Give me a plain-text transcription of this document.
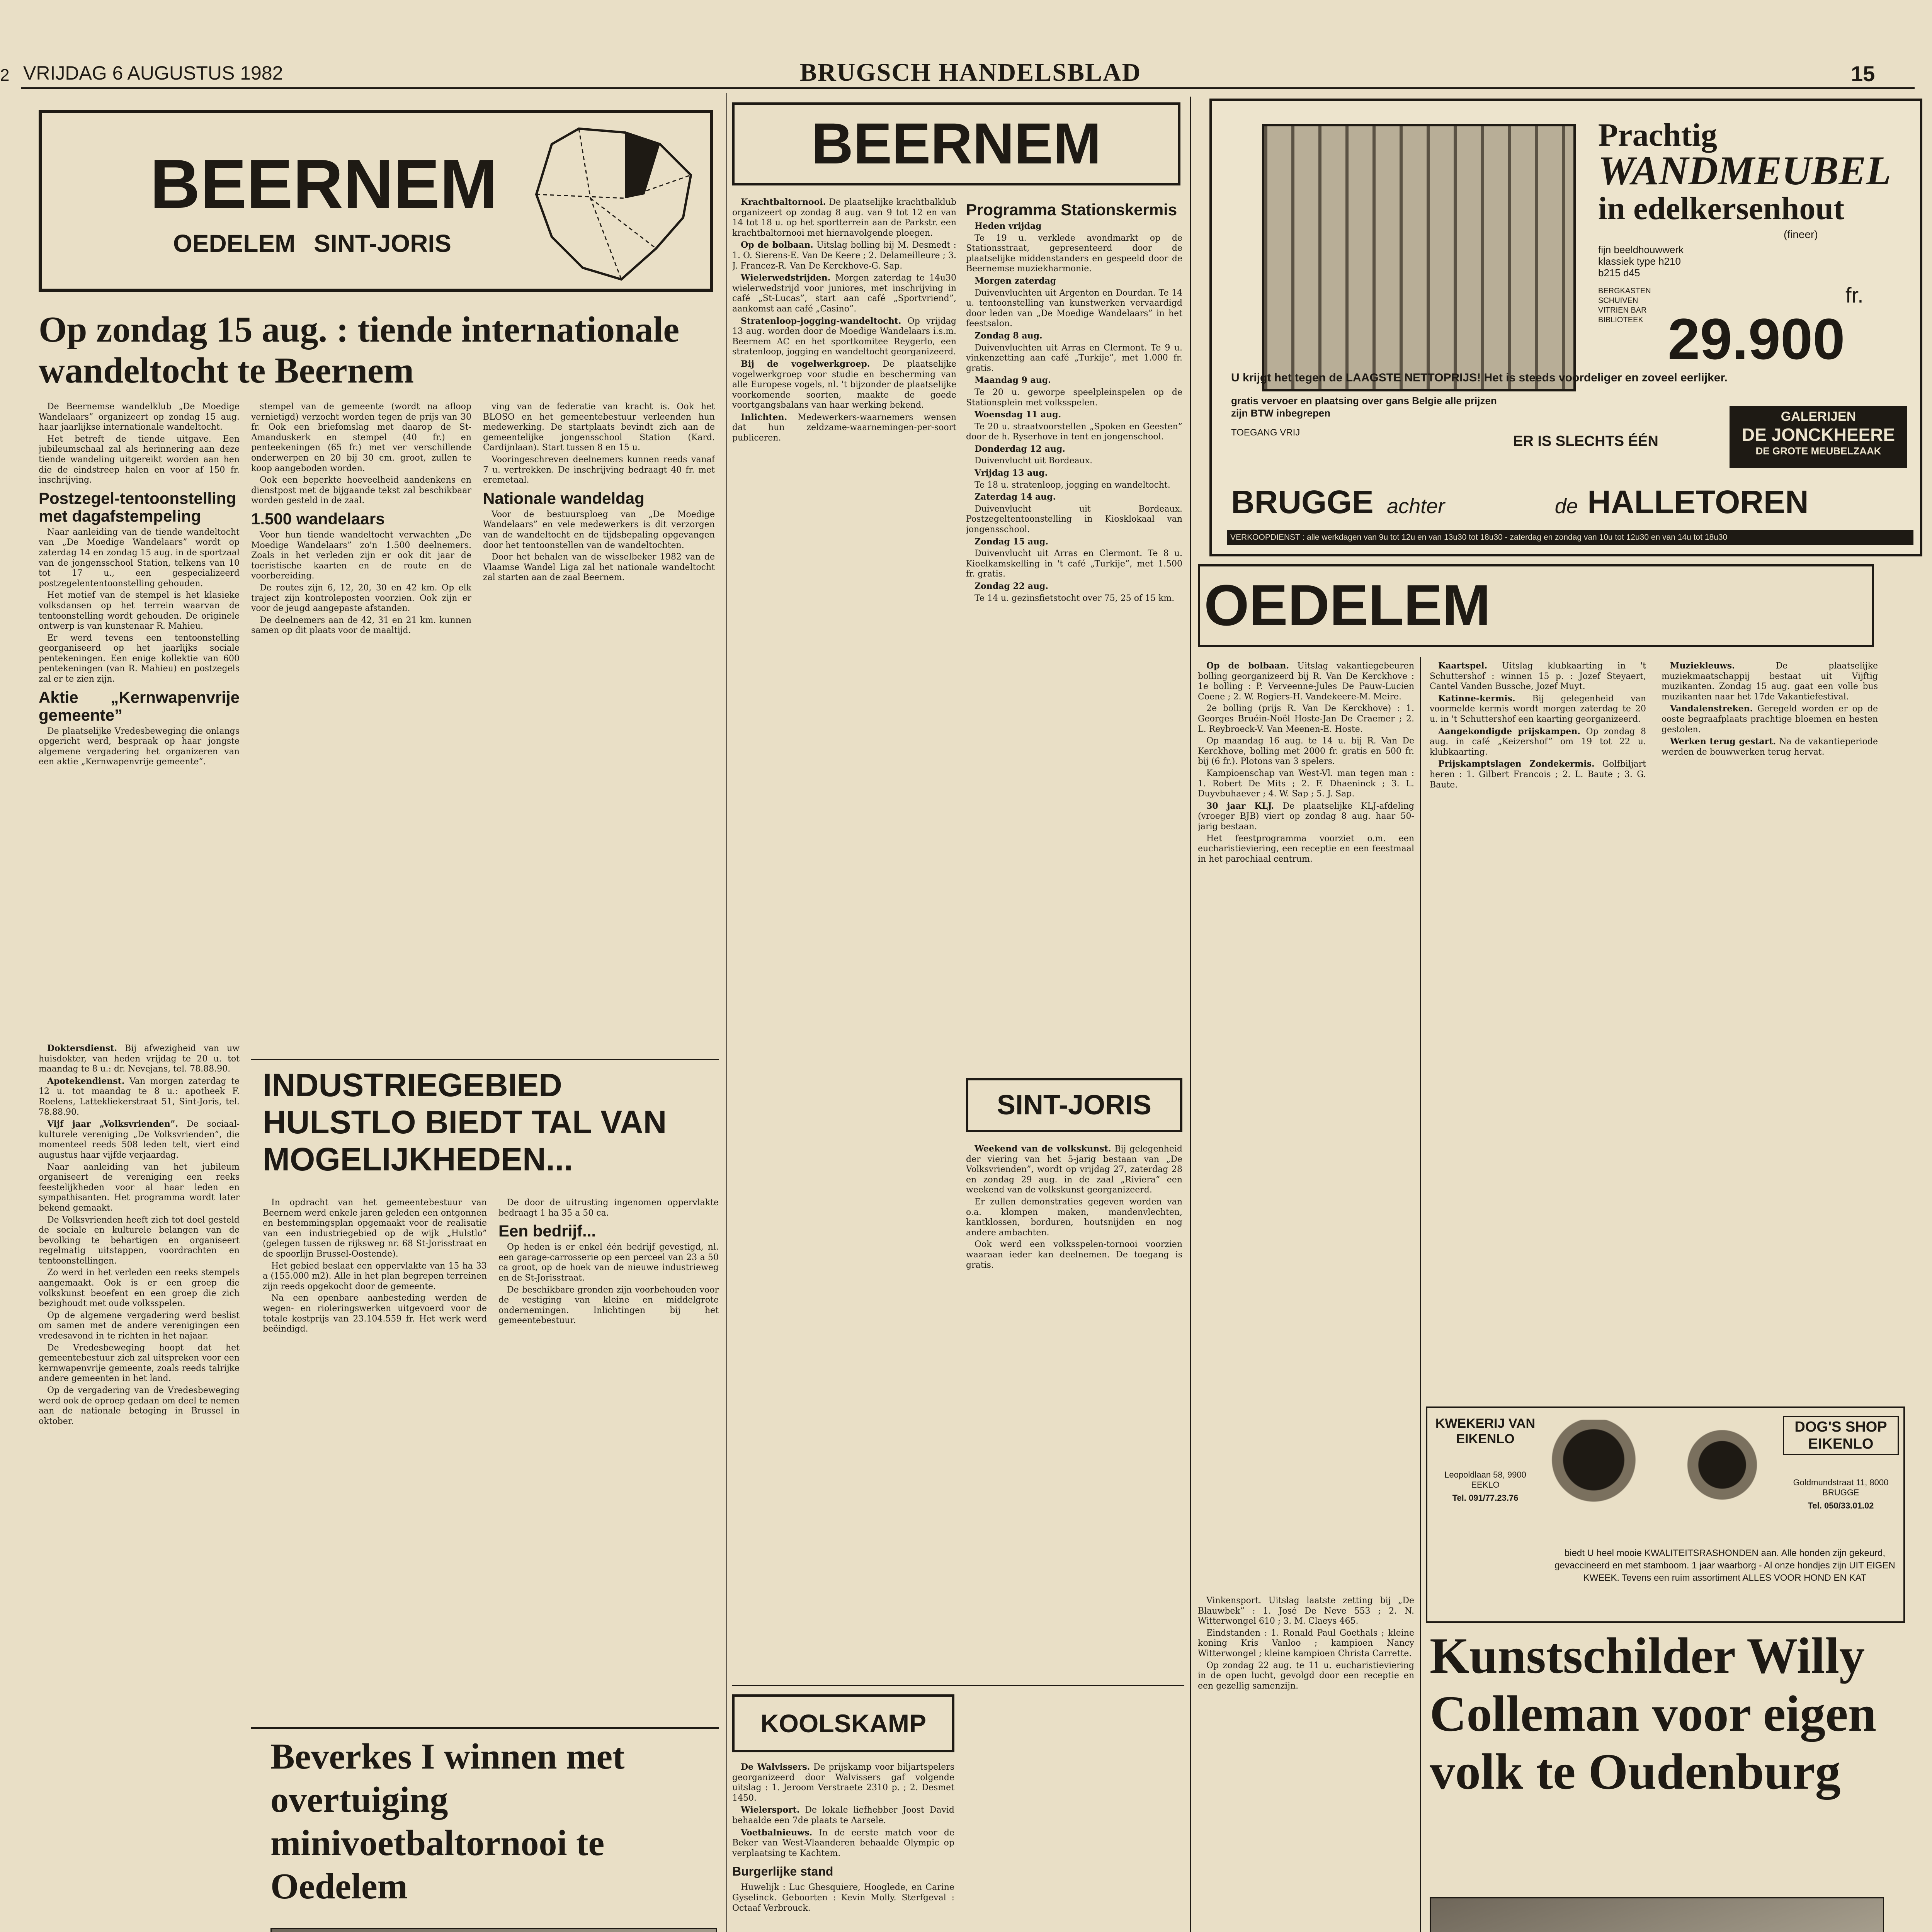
2 VRIJDAG 6 AUGUSTUS 1982	BRUGSCH HANDELSBLAD	15
BEERNEM
OEDELEM SINT-JORIS
Op zondag 15 aug. : tiende internationale wandeltocht te Beernem

De Beernemse wandelklub „De Moedige Wandelaars” organizeert op zondag 15 aug. haar jaarlijkse internationale wandeltocht.

Het betreft de tiende uitgave. Een jubileumschaal zal als herinnering aan deze tiende wandeling uitgereikt worden aan hen die de eindstreep halen en voor af 150 fr. inschrijving.

Postzegel-tentoonstelling met dagafstempeling

Naar aanleiding van de tiende wandeltocht van „De Moedige Wandelaars” wordt op zaterdag 14 en zondag 15 aug. in de sportzaal van de jongensschool Station, telkens van 10 tot 17 u., een gespecializeerd postzegelententoonstelling gehouden.

Het motief van de stempel is het klasieke volksdansen op het terrein waarvan de tentoonstelling wordt gehouden. De originele ontwerp is van kunstenaar R. Mahieu.

Er werd tevens een tentoonstelling georganiseerd op het jaarlijks sociale pentekeningen. Een enige kollektie van 600 pentekeningen (van R. Mahieu) en postzegels zal er te zien zijn.

Aktie „Kernwapenvrije gemeente”

De plaatselijke Vredesbeweging die onlangs opgericht werd, bespraak op haar jongste algemene vergadering het organizeren van een aktie „Kernwapenvrije gemeente”.

stempel van de gemeente (wordt na afloop vernietigd) verzocht worden tegen de prijs van 30 fr. Ook een briefomslag met daarop de St-Amanduskerk en stempel (40 fr.) en penteekeningen (65 fr.) met ver verschillende onderwerpen en 20 bij 30 cm. groot, zullen te koop aangeboden worden.

Ook een beperkte hoeveelheid aandenkens en dienstpost met de bijgaande tekst zal beschikbaar worden gesteld in de zaal.

1.500 wandelaars

Voor hun tiende wandeltocht verwachten „De Moedige Wandelaars” zo'n 1.500 deelnemers. Zoals in het verleden zijn er ook dit jaar de toeristische kaarten en de route en de voorbereiding.

De routes zijn 6, 12, 20, 30 en 42 km. Op elk traject zijn kontroleposten voorzien. Ook zijn er voor de jeugd aangepaste afstanden.

De deelnemers aan de 42, 31 en 21 km. kunnen samen op dit plaats voor de maaltijd.

ving van de federatie van kracht is. Ook het BLOSO en het gemeentebestuur verleenden hun medewerking. De startplaats bevindt zich aan de gemeentelijke jongensschool Station (Kard. Cardijnlaan). Start tussen 8 en 15 u.

Vooringeschreven deelnemers kunnen reeds vanaf 7 u. vertrekken. De inschrijving bedraagt 40 fr. met eremetaal.

Nationale wandeldag

Voor de bestuursploeg van „De Moedige Wandelaars” en vele medewerkers is dit verzorgen van de wandeltocht en de tijdsbepaling opgevangen door het tentoonstellen van de wandeltochten.

Door het behalen van de wisselbeker 1982 van de Vlaamse Wandel Liga zal het nationale wandeltocht zal starten aan de zaal Beernem.

Doktersdienst. Bij afwezigheid van uw huisdokter, van heden vrijdag te 20 u. tot maandag te 8 u.: dr. Nevejans, tel. 78.88.90.

Apotekendienst. Van morgen zaterdag te 12 u. tot maandag te 8 u.: apotheek F. Roelens, Lattekliekerstraat 51, Sint-Joris, tel. 78.88.90.

Vijf jaar „Volksvrienden”. De sociaal-kulturele vereniging „De Volksvrienden”, die momenteel reeds 508 leden telt, viert eind augustus haar vijfde verjaardag.

Naar aanleiding van het jubileum organiseert de vereniging een reeks feestelijkheden voor al haar leden en sympathisanten. Het programma wordt later bekend gemaakt.

De Volksvrienden heeft zich tot doel gesteld de sociale en kulturele belangen van de bevolking te behartigen en organiseert regelmatig uitstappen, voordrachten en tentoonstellingen.

Zo werd in het verleden een reeks stempels aangemaakt. Ook is er een groep die volkskunst beoefent en een groep die zich bezighoudt met oude volksspelen.

Op de algemene vergadering werd beslist om samen met de andere verenigingen een vredesavond in te richten in het najaar.

De Vredesbeweging hoopt dat het gemeentebestuur zich zal uitspreken voor een kernwapenvrije gemeente, zoals reeds talrijke andere gemeenten in het land.

Op de vergadering van de Vredesbeweging werd ook de oproep gedaan om deel te nemen aan de nationale betoging in Brussel in oktober.

INDUSTRIEGEBIED HULSTLO BIEDT TAL VAN MOGELIJKHEDEN...

In opdracht van het gemeentebestuur van Beernem werd enkele jaren geleden een ontgonnen en bestemmingsplan opgemaakt voor de realisatie van een industriegebied op de wijk „Hulstlo” (gelegen tussen de rijksweg nr. 68 St-Jorisstraat en de spoorlijn Brussel-Oostende).

Het gebied beslaat een oppervlakte van 15 ha 33 a (155.000 m2). Alle in het plan begrepen terreinen zijn reeds opgekocht door de gemeente.

Na een openbare aanbesteding werden de wegen- en rioleringswerken uitgevoerd voor de totale kostprijs van 23.104.559 fr. Het werk werd beëindigd.

De door de uitrusting ingenomen oppervlakte bedraagt 1 ha 35 a 50 ca.

Een bedrijf...

Op heden is er enkel één bedrijf gevestigd, nl. een garage-carrosserie op een perceel van 23 a 50 ca groot, op de hoek van de nieuwe industrieweg en de St-Jorisstraat.

De beschikbare gronden zijn voorbehouden voor de vestiging van kleine en middelgrote ondernemingen. Inlichtingen bij het gemeentebestuur.

Beverkes I winnen met overtuiging minivoetbaltornooi te Oedelem

BEERNEM

Krachtbaltornooi. De plaatselijke krachtbalklub organizeert op zondag 8 aug. van 9 tot 12 en van 14 tot 18 u. op het sportterrein aan de Parkstr. een krachtbaltornooi met hiernavolgende ploegen.

Op de bolbaan. Uitslag bolling bij M. Desmedt : 1. O. Sierens-E. Van De Keere ; 2. Delameilleure ; 3. J. Francez-R. Van De Kerckhove-G. Sap.

Wielerwedstrijden. Morgen zaterdag te 14u30 wielerwedstrijd voor juniores, met inschrijving in café „St-Lucas”, start aan café „Sportvriend”, aankomst aan café „Casino”.

Stratenloop-jogging-wandeltocht. Op vrijdag 13 aug. worden door de Moedige Wandelaars i.s.m. Beernem AC en het sportkomitee Reygerlo, een stratenloop, jogging en wandeltocht georganizeerd.

Bij de vogelwerkgroep. De plaatselijke vogelwerkgroep voor studie en bescherming van alle Europese vogels, nl. 't bijzonder de plaatselijke voorkomende soorten, maakte de goede voortgangsbalans van haar werking bekend.

Inlichten. Medewerkers-waarnemers wensen dat hun zeldzame-waarnemingen-per-soort publiceren.

Programma Stationskermis

Heden vrijdag

Te 19 u. verklede avondmarkt op de Stationsstraat, gepresenteerd door de plaatselijke middenstanders en gespeeld door de Beernemse muziekharmonie.

Morgen zaterdag

Duivenvluchten uit Argenton en Dourdan. Te 14 u. tentoonstelling van kunstwerken vervaardigd door leden van „De Moedige Wandelaars” in het feestsalon.

Zondag 8 aug.

Duivenvluchten uit Arras en Clermont. Te 9 u. vinkenzetting aan café „Turkije”, met 1.000 fr. gratis.

Maandag 9 aug.

Te 20 u. geworpe speelpleinspelen op de Stationsplein met volksspelen.

Woensdag 11 aug.

Te 20 u. straatvoorstellen „Spoken en Geesten” door de h. Ryserhove in tent en jongenschool.

Donderdag 12 aug.

Duivenvlucht uit Bordeaux.

Vrijdag 13 aug.

Te 18 u. stratenloop, jogging en wandeltocht.

Zaterdag 14 aug.

Duivenvlucht uit Bordeaux. Postzegeltentoonstelling in Kiosklokaal van jongensschool.

Zondag 15 aug.

Duivenvlucht uit Arras en Clermont. Te 8 u. Kioelkamskelling in 't café „Turkije”, met 1.500 fr. gratis.

Zondag 22 aug.

Te 14 u. gezinsfietstocht over 75, 25 of 15 km.

SINT-JORIS

Weekend van de volkskunst. Bij gelegenheid der viering van het 5-jarig bestaan van „De Volksvrienden”, wordt op vrijdag 27, zaterdag 28 en zondag 29 aug. in de zaal „Riviera” een weekend van de volkskunst georganizeerd.

Er zullen demonstraties gegeven worden van o.a. klompen maken, mandenvlechten, kantklossen, borduren, houtsnijden en nog andere ambachten.

Ook werd een volksspelen-tornooi voorzien waaraan ieder kan deelnemen. De toegang is gratis.

KOOLSKAMP

De Walvissers. De prijskamp voor biljartspelers georganizeerd door Walvissers gaf volgende uitslag : 1. Jeroom Verstraete 2310 p. ; 2. Desmet 1450.

Wielersport. De lokale liefhebber Joost David behaalde een 7de plaats te Aarsele.

Voetbalnieuws. In de eerste match voor de Beker van West-Vlaanderen behaalde Olympic op verplaatsing te Kachtem.

Burgerlijke stand

Huwelijk : Luc Ghesquiere, Hooglede, en Carine Gyselinck. Geboorten : Kevin Molly. Sterfgeval : Octaaf Verbrouck.

Prachtig
WANDMEUBEL
in edelkersenhout
(fineer)
fijn beeldhouwwerk klassiek type h210 b215 d45
BERGKASTEN SCHUIVEN VITRIEN BAR BIBLIOTEEK
fr.
29.900
U krijgt het tegen de LAAGSTE NETTOPRIJS! Het is steeds voordeliger en zoveel eerlijker.
gratis vervoer en plaatsing over gans Belgie alle prijzen zijn BTW inbegrepen
TOEGANG VRIJ
ER IS SLECHTS ÉÉN
GALERIJEN
DE JONCKHEERE
DE GROTE MEUBELZAAK
BRUGGE achter	de HALLETOREN
VERKOOPDIENST : alle werkdagen van 9u tot 12u en van 13u30 tot 18u30 - zaterdag en zondag van 10u tot 12u30 en van 14u tot 18u30
OEDELEM

Op de bolbaan. Uitslag vakantiegebeuren bolling georganizeerd bij R. Van De Kerckhove : 1e bolling : P. Verveenne-Jules De Pauw-Lucien Coene ; 2. W. Rogiers-H. Vandekeere-M. Meire.

2e bolling (prijs R. Van De Kerckhove) : 1. Georges Bruéin-Noël Hoste-Jan De Craemer ; 2. L. Reybroeck-V. Van Meenen-E. Hoste.

Op maandag 16 aug. te 14 u. bij R. Van De Kerckhove, bolling met 2000 fr. gratis en 500 fr. bij (6 fr.). Plotons van 3 spelers.

Kampioenschap van West-Vl. man tegen man : 1. Robert De Mits ; 2. F. Dhaeninck ; 3. L. Duyvbuhaever ; 4. W. Sap ; 5. J. Sap.

30 jaar KLJ. De plaatselijke KLJ-afdeling (vroeger BJB) viert op zondag 8 aug. haar 50-jarig bestaan.

Het feestprogramma voorziet o.m. een eucharistieviering, een receptie en een feestmaal in het parochiaal centrum.

Kaartspel. Uitslag klubkaarting in 't Schuttershof : winnen 15 p. : Jozef Steyaert, Cantel Vanden Bussche, Jozef Muyt.

Katinne-kermis. Bij gelegenheid van voormelde kermis wordt morgen zaterdag te 20 u. in 't Schuttershof een kaarting georganizeerd.

Aangekondigde prijskampen. Op zondag 8 aug. in café „Keizershof” om 19 tot 22 u. klubkaarting.

Prijskamptslagen Zondekermis. Golfbiljart heren : 1. Gilbert Francois ; 2. L. Baute ; 3. G. Baute.

Muziekleuws.	De plaatselijke muziekmaatschappij bestaat uit Vijftig muzikanten. Zondag 15 aug. gaat een volle bus muzikanten naar het 17de Vakantiefestival.

Vandalenstreken. Geregeld worden er op de ooste begraafplaats prachtige bloemen en hesten gestolen.

Werken terug gestart. Na de vakantieperiode werden de bouwwerken terug hervat.

KWEKERIJ VAN EIKENLO
Leopoldlaan 58, 9900 EEKLO
Tel. 091/77.23.76
DOG'S SHOP EIKENLO
Goldmundstraat 11, 8000 BRUGGE
Tel. 050/33.01.02
biedt U heel mooie KWALITEITSRASHONDEN aan. Alle honden zijn gekeurd, gevaccineerd en met stamboom. 1 jaar waarborg - Al onze hondjes zijn UIT EIGEN KWEEK. Tevens een ruim assortiment ALLES VOOR HOND EN KAT
Kunstschilder Willy Colleman voor eigen volk te Oudenburg

Vinkensport. Uitslag laatste zetting bij „De Blauwbek” : 1. José De Neve 553 ; 2. N. Witterwongel 610 ; 3. M. Claeys 465.

Eindstanden : 1. Ronald Paul Goethals ; kleine koning Kris Vanloo ; kampioen Nancy Witterwongel ; kleine kampioen Christa Carrette.

Op zondag 22 aug. te 11 u. eucharistieviering in de open lucht, gevolgd door een receptie en een gezellig samenzijn.
